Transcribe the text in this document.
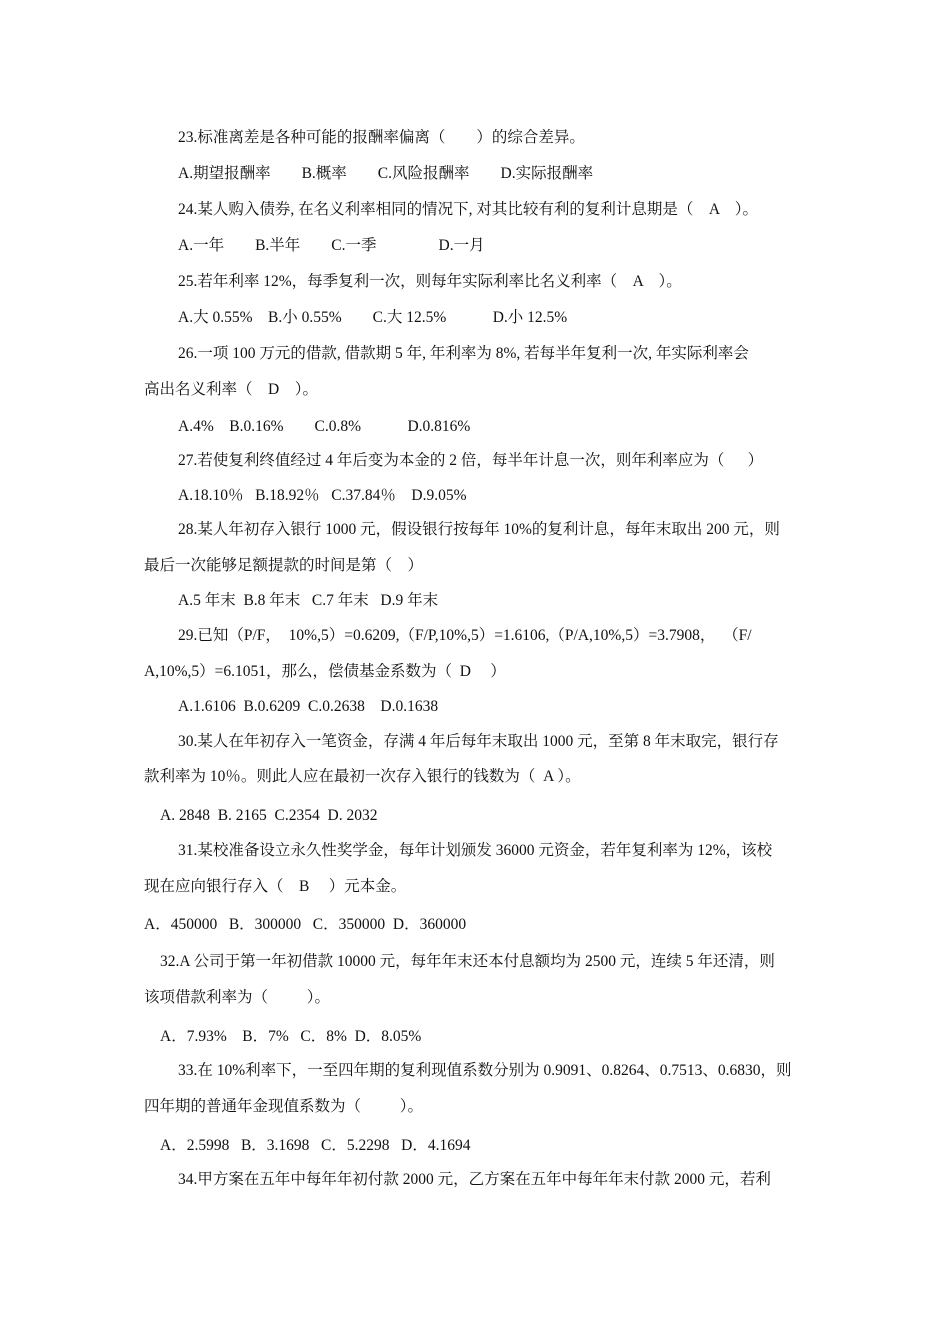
23.标准离差是各种可能的报酬率偏离（        ）的综合差异。
A.期望报酬率        B.概率        C.风险报酬率        D.实际报酬率
24.某人购入债券, 在名义利率相同的情况下, 对其比较有利的复利计息期是（    A    ）。
A.一年        B.半年        C.一季                D.一月
25.若年利率 12%，每季复利一次，则每年实际利率比名义利率（    A    ）。
A.大 0.55%    B.小 0.55%        C.大 12.5%            D.小 12.5%
26.一项 100 万元的借款, 借款期 5 年, 年利率为 8%, 若每半年复利一次, 年实际利率会
高出名义利率（    D    ）。
A.4%    B.0.16%        C.0.8%            D.0.816%
27.若使复利终值经过 4 年后变为本金的 2 倍，每半年计息一次，则年利率应为（      ）
A.18.10％   B.18.92％   C.37.84％    D.9.05%
28.某人年初存入银行 1000 元，假设银行按每年 10%的复利计息，每年末取出 200 元，则
最后一次能够足额提款的时间是第（    ）
A.5 年末  B.8 年末   C.7 年末   D.9 年末
29.已知（P/F，  10%,5）=0.6209,（F/P,10%,5）=1.6106,（P/A,10%,5）=3.7908，  （F/
A,10%,5）=6.1051，那么，偿债基金系数为（  D     ）
A.1.6106  B.0.6209  C.0.2638    D.0.1638
30.某人在年初存入一笔资金，存满 4 年后每年末取出 1000 元，至第 8 年末取完，银行存
款利率为 10％。则此人应在最初一次存入银行的钱数为（  A ）。
A. 2848  B. 2165  C.2354  D. 2032
31.某校准备设立永久性奖学金，每年计划颁发 36000 元资金，若年复利率为 12%，该校
现在应向银行存入（    B     ）元本金。
A．450000   B．300000   C．350000  D．360000
32.A 公司于第一年初借款 10000 元，每年年末还本付息额均为 2500 元，连续 5 年还清，则
该项借款利率为（          ）。
A．7.93%    B．7%   C．8%  D．8.05%
33.在 10%利率下，一至四年期的复利现值系数分别为 0.9091、0.8264、0.7513、0.6830，则
四年期的普通年金现值系数为（          ）。
A．2.5998   B．3.1698   C．5.2298   D．4.1694
34.甲方案在五年中每年年初付款 2000 元，乙方案在五年中每年年末付款 2000 元，若利
